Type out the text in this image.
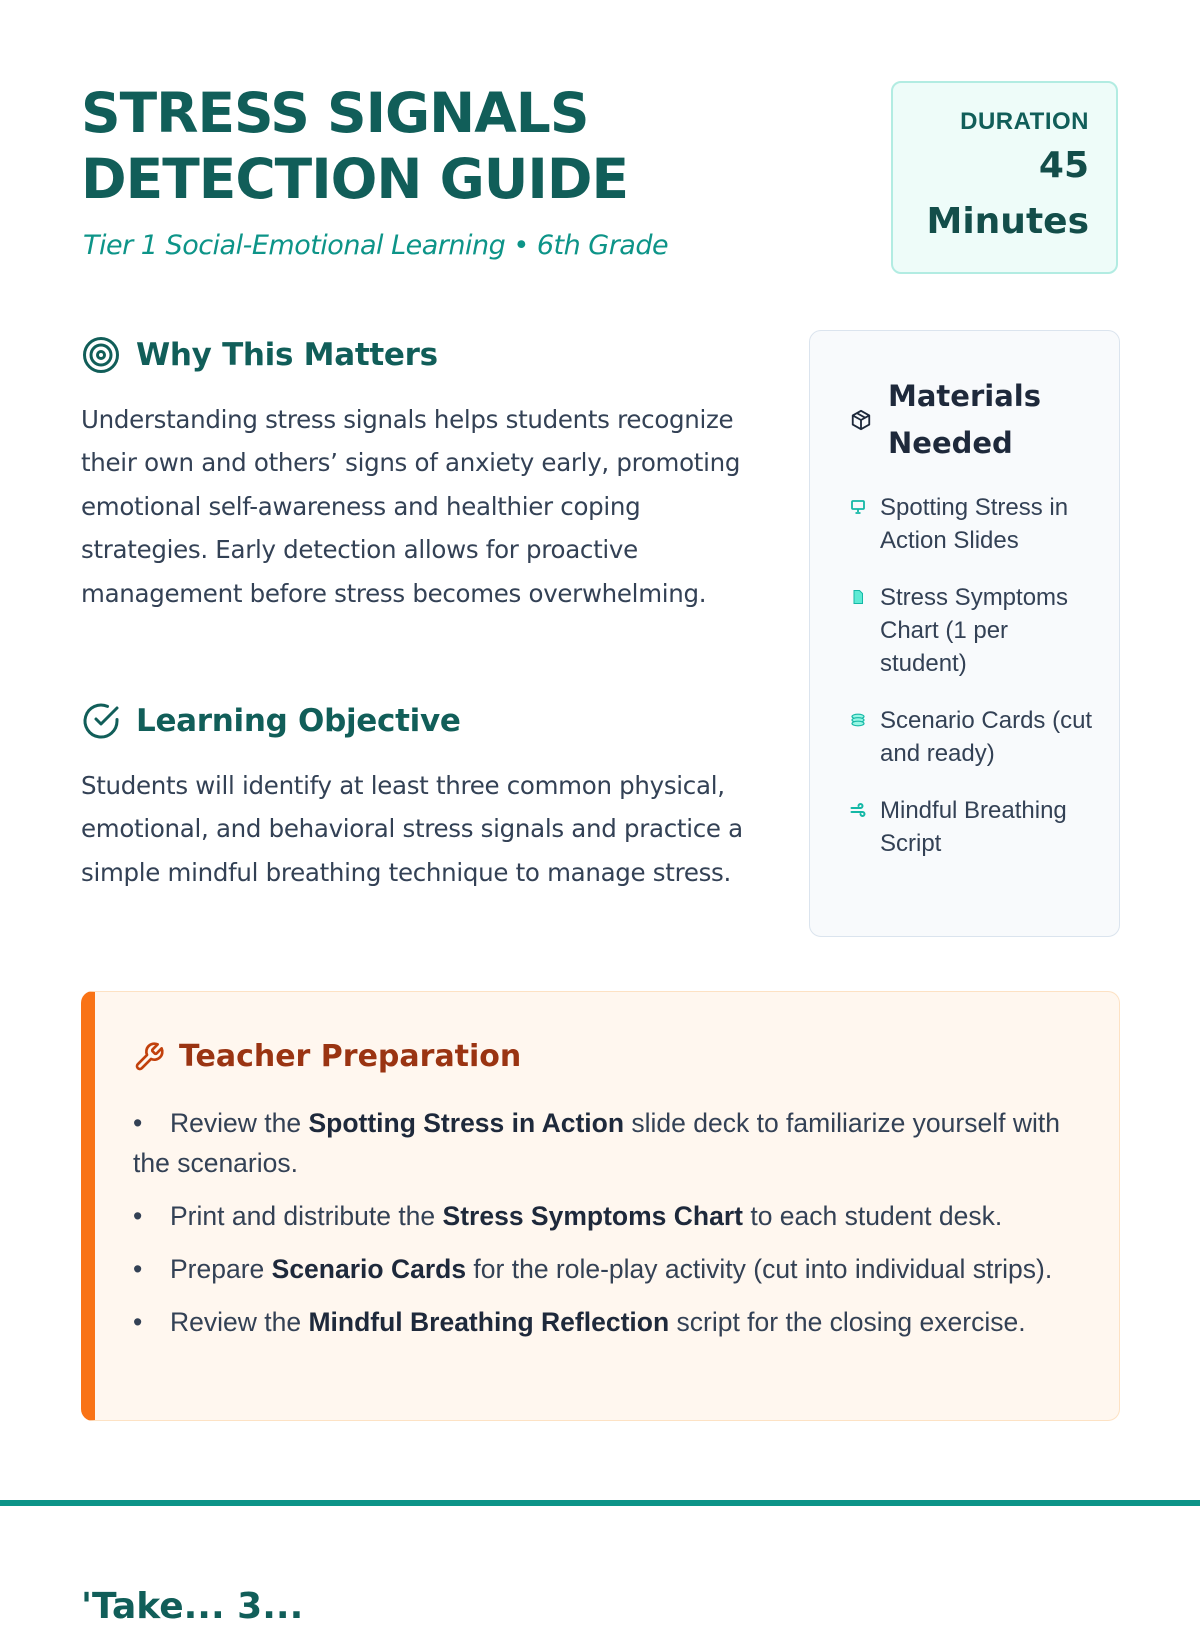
STRESS SIGNALS
DETECTION GUIDE

Tier 1 Social-Emotional Learning • 6th Grade

DURATION
45
Minutes
Why This Matters

Understanding stress signals helps students recognize their own and others’ signs of anxiety early, promoting emotional self-awareness and healthier coping strategies. Early detection allows for proactive management before stress becomes overwhelming.

Learning Objective

Students will identify at least three common physical, emotional, and behavioral stress signals and practice a simple mindful breathing technique to manage stress.

Materials Needed
Spotting Stress in Action Slides
Stress Symptoms Chart (1 per student)
Scenario Cards (cut and ready)
Mindful Breathing Script
Teacher Preparation
• Review the Spotting Stress in Action slide deck to familiarize yourself with the scenarios.
• Print and distribute the Stress Symptoms Chart to each student desk.
• Prepare Scenario Cards for the role-play activity (cut into individual strips).
• Review the Mindful Breathing Reflection script for the closing exercise.
'Take... 3...
